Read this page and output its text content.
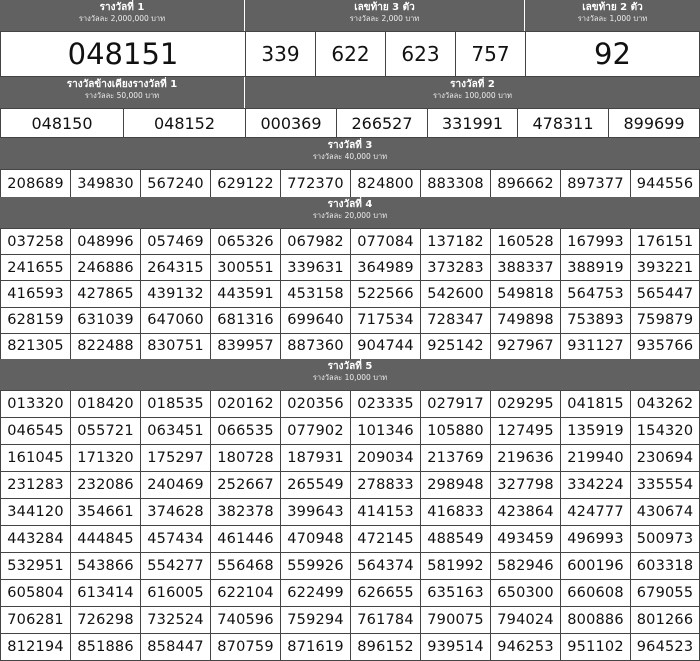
รางวัลที่ 1
รางวัลละ 2,000,000 บาท
เลขท้าย 3 ตัว
รางวัลละ 2,000 บาท
เลขท้าย 2 ตัว
รางวัลละ 1,000 บาท
048151	339	622	623	757	92
รางวัลข้างเคียงรางวัลที่ 1
รางวัลละ 50,000 บาท
รางวัลที่ 2
รางวัลละ 100,000 บาท
048150	048152	000369	266527	331991	478311	899699
รางวัลที่ 3
รางวัลละ 40,000 บาท
208689 349830 567240 629122 772370 824800 883308 896662 897377 944556
รางวัลที่ 4
รางวัลละ 20,000 บาท
037258 048996 057469 065326 067982 077084 137182 160528 167993 176151
241655 246886 264315 300551 339631 364989 373283 388337 388919 393221
416593 427865 439132 443591 453158 522566 542600 549818 564753 565447
628159 631039 647060 681316 699640 717534 728347 749898 753893 759879
821305 822488 830751 839957 887360 904744 925142 927967 931127 935766
รางวัลที่ 5
รางวัลละ 10,000 บาท
013320 018420 018535 020162 020356 023335 027917 029295 041815 043262
046545 055721 063451 066535 077902 101346 105880 127495 135919 154320
161045 171320 175297 180728 187931 209034 213769 219636 219940 230694
231283 232086 240469 252667 265549 278833 298948 327798 334224 335554
344120 354661 374628 382378 399643 414153 416833 423864 424777 430674
443284 444845 457434 461446 470948 472145 488549 493459 496993 500973
532951 543866 554277 556468 559926 564374 581992 582946 600196 603318
605804 613414 616005 622104 622499 626655 635163 650300 660608 679055
706281 726298 732524 740596 759294 761784 790075 794024 800886 801266
812194 851886 858447 870759 871619 896152 939514 946253 951102 964523
